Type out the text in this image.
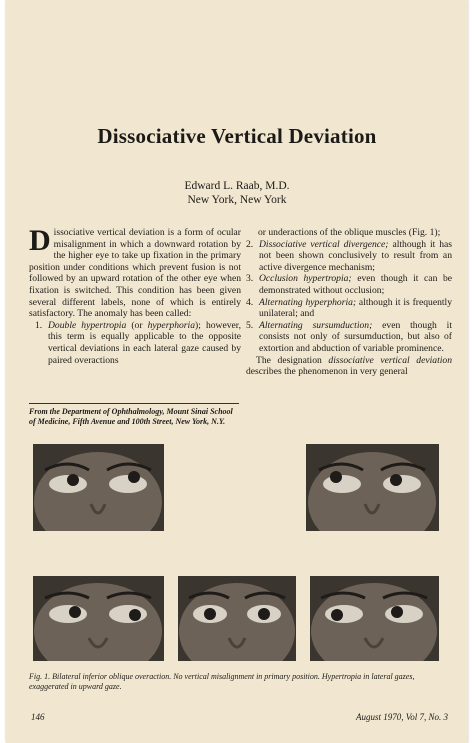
Dissociative Vertical Deviation
Edward L. Raab, M.D.
New York, New York

Dissociative vertical deviation is a form of ocular misalignment in which a downward rotation by the higher eye to take up fixation in the primary position under conditions which prevent fusion is not followed by an upward rotation of the other eye when fixation is switched. This condition has been given several different labels, none of which is entirely satisfactory. The anomaly has been called:

1. Double hypertropia (or hyperphoria); however, this term is equally applicable to the opposite vertical deviations in each lateral gaze caused by paired overactions
From the Department of Ophthalmology, Mount Sinai School of Medicine, Fifth Avenue and 100th Street, New York, N.Y.

or underactions of the oblique muscles (Fig. 1);

2. Dissociative vertical divergence; although it has not been shown conclusively to result from an active divergence mechanism;
3. Occlusion hypertropia; even though it can be demonstrated without occlusion;
4. Alternating hyperphoria; although it is frequently unilateral; and
5. Alternating sursumduction; even though it consists not only of sursumduction, but also of extortion and abduction of variable prominence.

The designation dissociative vertical deviation describes the phenomenon in very general

Fig. 1. Bilateral inferior oblique overaction. No vertical misalignment in primary position. Hypertropia in lateral gazes, exaggerated in upward gaze.
146	August 1970, Vol 7, No. 3
